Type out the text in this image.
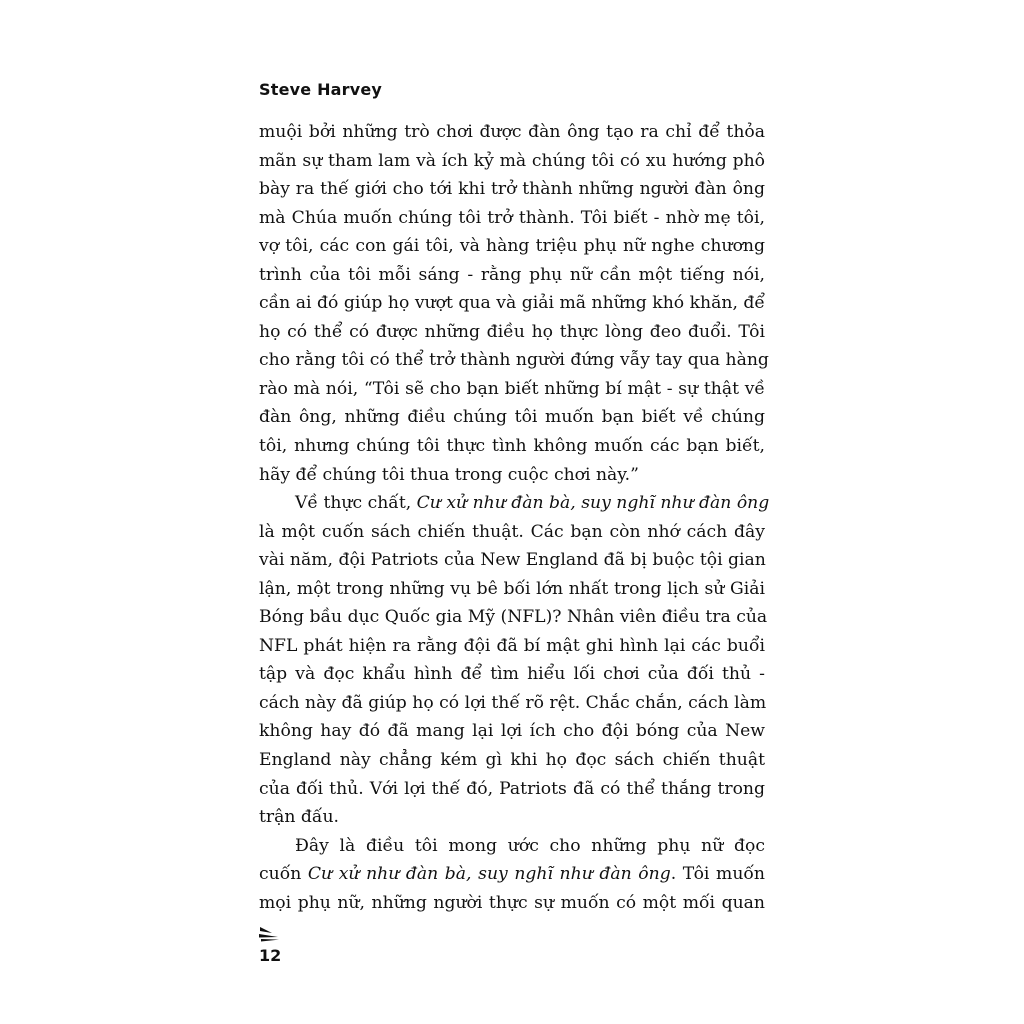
Steve Harvey
muội bởi những trò chơi được đàn ông tạo ra chỉ để thỏa
mãn sự tham lam và ích kỷ mà chúng tôi có xu hướng phô
bày ra thế giới cho tới khi trở thành những người đàn ông
mà Chúa muốn chúng tôi trở thành. Tôi biết - nhờ mẹ tôi,
vợ tôi, các con gái tôi, và hàng triệu phụ nữ nghe chương
trình của tôi mỗi sáng - rằng phụ nữ cần một tiếng nói,
cần ai đó giúp họ vượt qua và giải mã những khó khăn, để
họ có thể có được những điều họ thực lòng đeo đuổi. Tôi
cho rằng tôi có thể trở thành người đứng vẫy tay qua hàng
rào mà nói, “Tôi sẽ cho bạn biết những bí mật - sự thật về
đàn ông, những điều chúng tôi muốn bạn biết về chúng
tôi, nhưng chúng tôi thực tình không muốn các bạn biết,
hãy để chúng tôi thua trong cuộc chơi này.”
Về thực chất, Cư xử như đàn bà, suy nghĩ như đàn ông
là một cuốn sách chiến thuật. Các bạn còn nhớ cách đây
vài năm, đội Patriots của New England đã bị buộc tội gian
lận, một trong những vụ bê bối lớn nhất trong lịch sử Giải
Bóng bầu dục Quốc gia Mỹ (NFL)? Nhân viên điều tra của
NFL phát hiện ra rằng đội đã bí mật ghi hình lại các buổi
tập và đọc khẩu hình để tìm hiểu lối chơi của đối thủ -
cách này đã giúp họ có lợi thế rõ rệt. Chắc chắn, cách làm
không hay đó đã mang lại lợi ích cho đội bóng của New
England này chẳng kém gì khi họ đọc sách chiến thuật
của đối thủ. Với lợi thế đó, Patriots đã có thể thắng trong
trận đấu.
Đây là điều tôi mong ước cho những phụ nữ đọc
cuốn Cư xử như đàn bà, suy nghĩ như đàn ông. Tôi muốn
mọi phụ nữ, những người thực sự muốn có một mối quan
12
